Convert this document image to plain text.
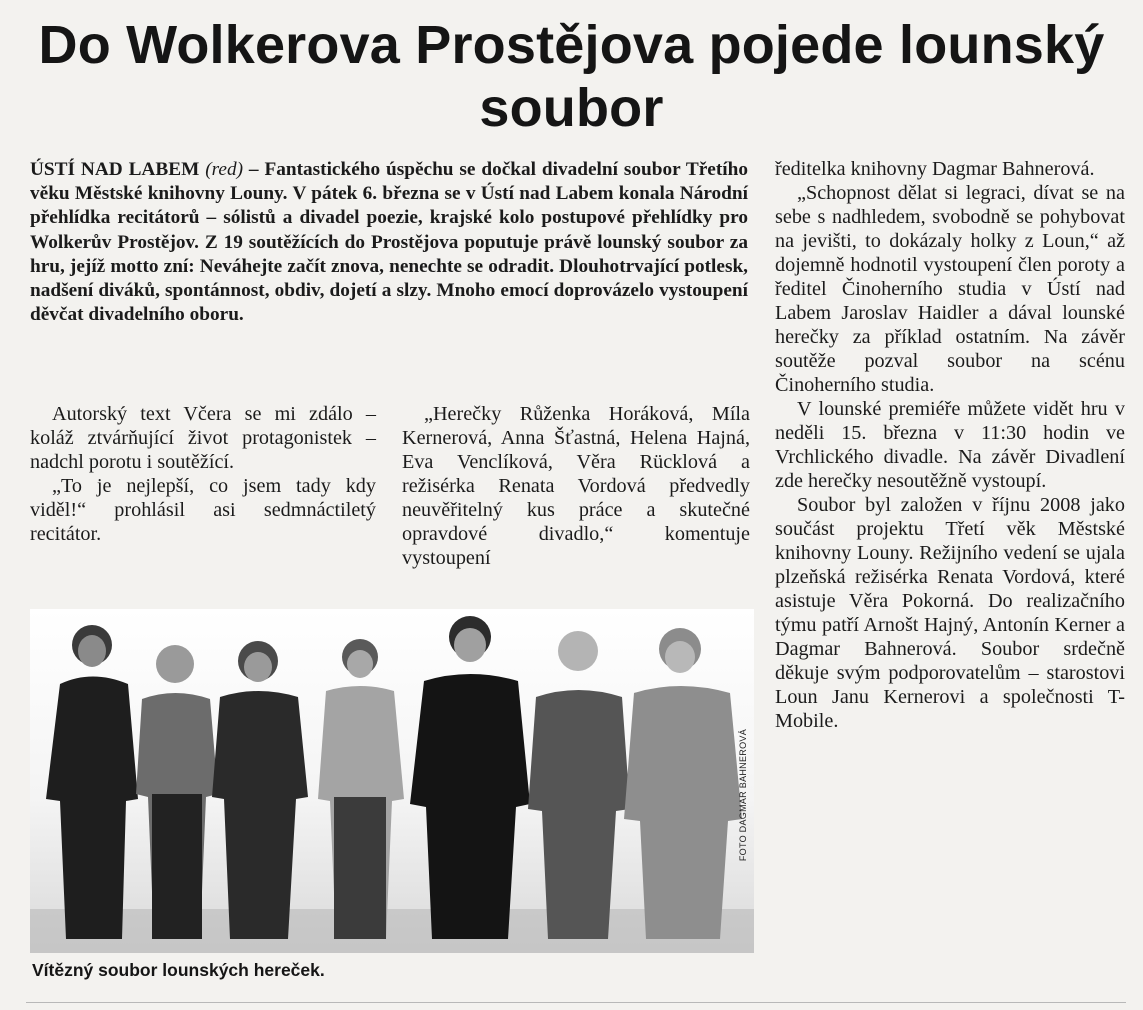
Do Wolkerova Prostějova pojede lounský soubor

ÚSTÍ NAD LABEM (red) – Fantastického úspěchu se dočkal divadelní soubor Třetího věku Městské knihovny Louny. V pátek 6. března se v Ústí nad Labem konala Národní přehlídka recitátorů – sólistů a divadel poezie, krajské kolo postupové přehlídky pro Wolkerův Prostějov. Z 19 soutěžících do Prostějova poputuje právě lounský soubor za hru, jejíž motto zní: Neváhejte začít znova, nenechte se odradit. Dlouhotrvající potlesk, nadšení diváků, spontánnost, obdiv, dojetí a slzy. Mnoho emocí doprovázelo vystoupení děvčat divadelního oboru.

Autorský text Včera se mi zdálo – koláž ztvárňující život protagonistek – nadchl porotu i soutěžící.

„To je nejlepší, co jsem tady kdy viděl!“ prohlásil asi sedmnáctiletý recitátor.

„Herečky Růženka Horáková, Míla Kernerová, Anna Šťastná, Helena Hajná, Eva Venclíková, Věra Rücklová a režisérka Renata Vordová předvedly neuvěřitelný kus práce a skutečné opravdové divadlo,“ komentuje vystoupení

ředitelka knihovny Dagmar Bahnerová.

„Schopnost dělat si legraci, dívat se na sebe s nadhledem, svobodně se pohybovat na jevišti, to dokázaly holky z Loun,“ až dojemně hodnotil vystoupení člen poroty a ředitel Činoherního studia v Ústí nad Labem Jaroslav Haidler a dával lounské herečky za příklad ostatním. Na závěr soutěže pozval soubor na scénu Činoherního studia.

V lounské premiéře můžete vidět hru v neděli 15. března v 11:30 hodin ve Vrchlického divadle. Na závěr Divadlení zde herečky nesoutěžně vystoupí.

Soubor byl založen v říjnu 2008 jako součást projektu Třetí věk Městské knihovny Louny. Režijního vedení se ujala plzeňská režisérka Renata Vordová, které asistuje Věra Pokorná. Do realizačního týmu patří Arnošt Hajný, Antonín Kerner a Dagmar Bahnerová. Soubor srdečně děkuje svým podporovatelům – starostovi Loun Janu Kernerovi a společnosti T-Mobile.

FOTO DAGMAR BAHNEROVÁ

Vítězný soubor lounských hereček.
